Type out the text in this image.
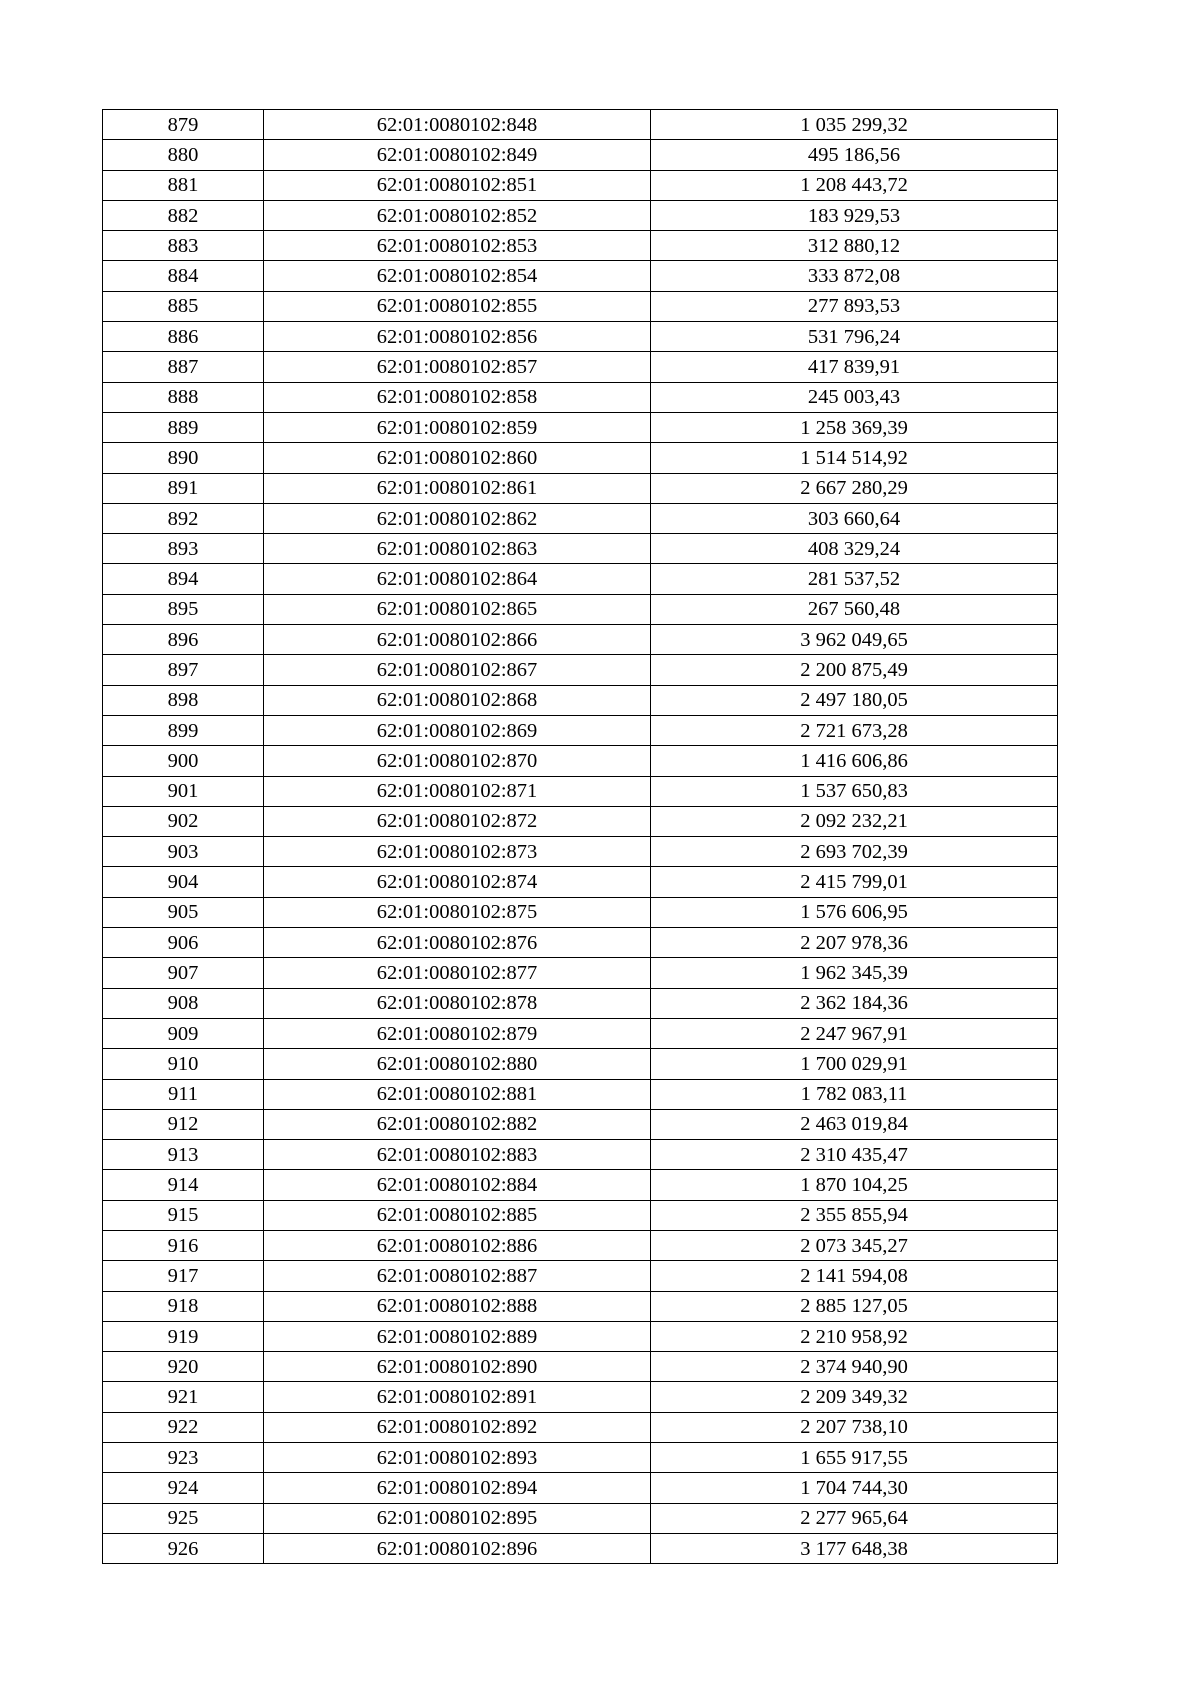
879	62:01:0080102:848	1 035 299,32
880	62:01:0080102:849	495 186,56
881	62:01:0080102:851	1 208 443,72
882	62:01:0080102:852	183 929,53
883	62:01:0080102:853	312 880,12
884	62:01:0080102:854	333 872,08
885	62:01:0080102:855	277 893,53
886	62:01:0080102:856	531 796,24
887	62:01:0080102:857	417 839,91
888	62:01:0080102:858	245 003,43
889	62:01:0080102:859	1 258 369,39
890	62:01:0080102:860	1 514 514,92
891	62:01:0080102:861	2 667 280,29
892	62:01:0080102:862	303 660,64
893	62:01:0080102:863	408 329,24
894	62:01:0080102:864	281 537,52
895	62:01:0080102:865	267 560,48
896	62:01:0080102:866	3 962 049,65
897	62:01:0080102:867	2 200 875,49
898	62:01:0080102:868	2 497 180,05
899	62:01:0080102:869	2 721 673,28
900	62:01:0080102:870	1 416 606,86
901	62:01:0080102:871	1 537 650,83
902	62:01:0080102:872	2 092 232,21
903	62:01:0080102:873	2 693 702,39
904	62:01:0080102:874	2 415 799,01
905	62:01:0080102:875	1 576 606,95
906	62:01:0080102:876	2 207 978,36
907	62:01:0080102:877	1 962 345,39
908	62:01:0080102:878	2 362 184,36
909	62:01:0080102:879	2 247 967,91
910	62:01:0080102:880	1 700 029,91
911	62:01:0080102:881	1 782 083,11
912	62:01:0080102:882	2 463 019,84
913	62:01:0080102:883	2 310 435,47
914	62:01:0080102:884	1 870 104,25
915	62:01:0080102:885	2 355 855,94
916	62:01:0080102:886	2 073 345,27
917	62:01:0080102:887	2 141 594,08
918	62:01:0080102:888	2 885 127,05
919	62:01:0080102:889	2 210 958,92
920	62:01:0080102:890	2 374 940,90
921	62:01:0080102:891	2 209 349,32
922	62:01:0080102:892	2 207 738,10
923	62:01:0080102:893	1 655 917,55
924	62:01:0080102:894	1 704 744,30
925	62:01:0080102:895	2 277 965,64
926	62:01:0080102:896	3 177 648,38
